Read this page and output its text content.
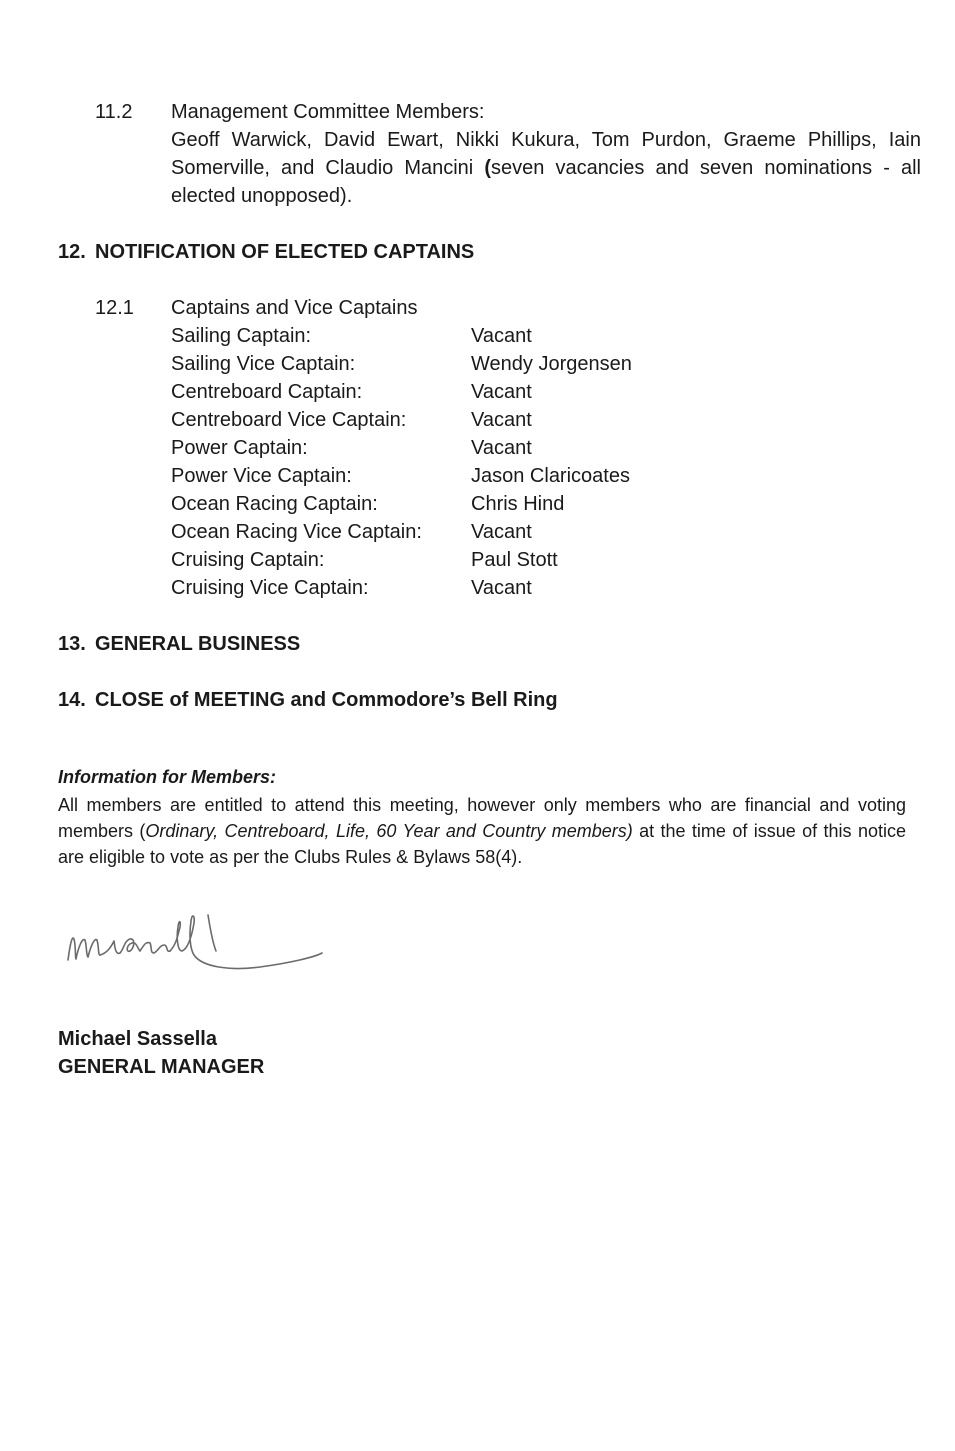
11.2 Management Committee Members:
Geoff Warwick, David Ewart, Nikki Kukura, Tom Purdon, Graeme Phillips, Iain
Somerville, and Claudio Mancini (seven vacancies and seven nominations - all
elected unopposed).
12. NOTIFICATION OF ELECTED CAPTAINS
12.1 Captains and Vice Captains
Sailing Captain:	Vacant
Sailing Vice Captain:	Wendy Jorgensen
Centreboard Captain:	Vacant
Centreboard Vice Captain:	Vacant
Power Captain:	Vacant
Power Vice Captain:	Jason Claricoates
Ocean Racing Captain:	Chris Hind
Ocean Racing Vice Captain: Vacant
Cruising Captain:	Paul Stott
Cruising Vice Captain:	Vacant
13. GENERAL BUSINESS
14. CLOSE of MEETING and Commodore’s Bell Ring
Information for Members:
All members are entitled to attend this meeting, however only members who are financial and voting members (Ordinary, Centreboard, Life, 60 Year and Country members) at the time of issue of this notice are eligible to vote as per the Clubs Rules & Bylaws 58(4).
Michael Sassella
GENERAL MANAGER
